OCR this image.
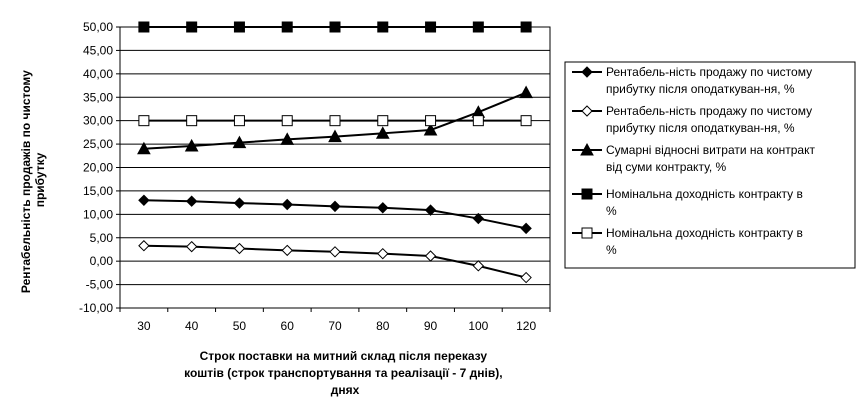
-10,00
-5,00
0,00
5,00
10,00
15,00
20,00
25,00
30,00
35,00
40,00
45,00
50,00
30	40	50	60	70	80	90	100 120
Рентабельність продажів по чистому прибутку
Строк поставки на митний склад після переказу коштів (строк транспортування та реалізації - 7 днів), днях
Рентабель-ність продажу по чистому
прибутку після оподаткуван-ня, %
Рентабель-ність продажу по чистому
прибутку після оподаткуван-ня, %
Сумарні відносні витрати на контракт
від суми контракту, %
Номінальна доходність контракту в
%
Номінальна доходність контракту в
%
